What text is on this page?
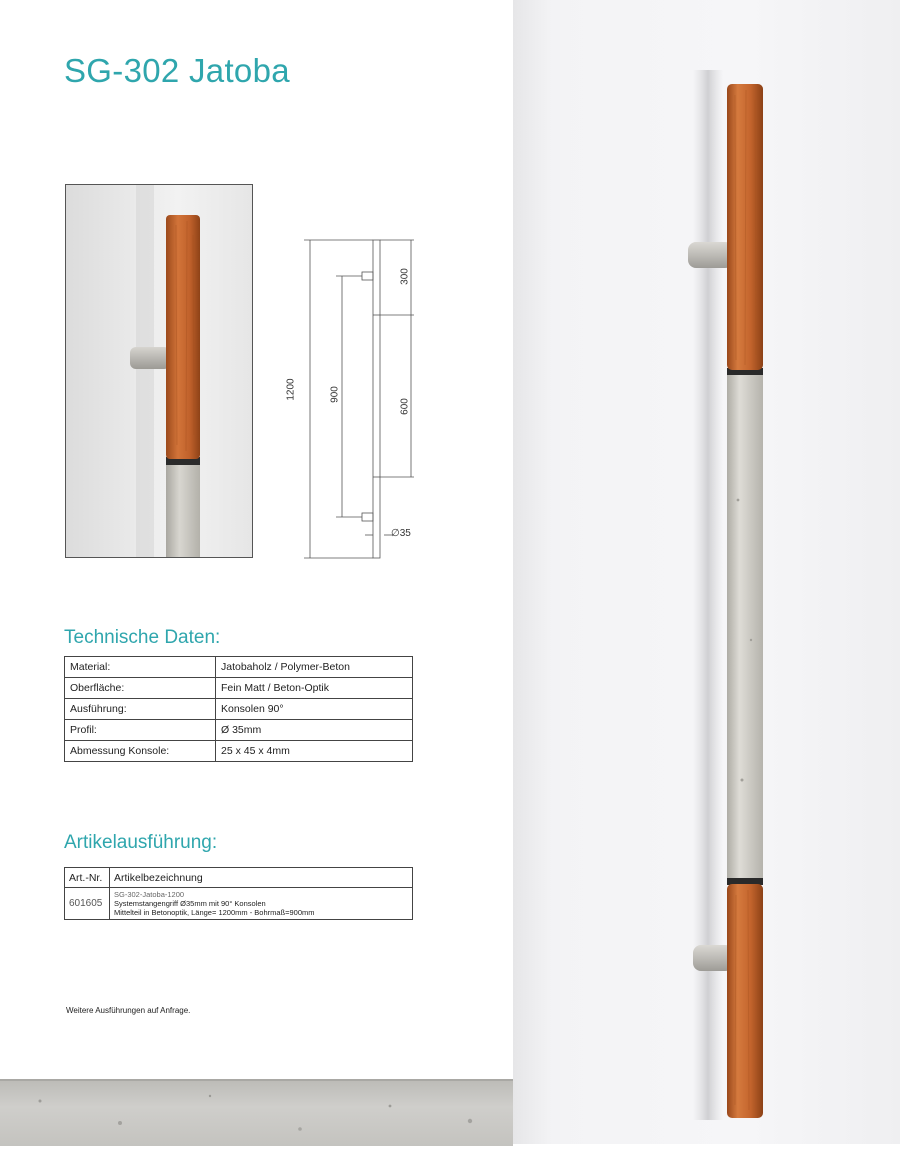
SG-302 Jatoba
1200	900
300
600
∅35
Technische Daten:
Material:	Jatobaholz / Polymer-Beton
Oberfläche:	Fein Matt / Beton-Optik
Ausführung:	Konsolen 90°
Profil:	Ø 35mm
Abmessung Konsole:	25 x 45 x 4mm
Artikelausführung:
Art.-Nr.	Artikelbezeichnung
601605	SG-302-Jatoba-1200
Systemstangengriff Ø35mm mit 90° Konsolen
Mittelteil in Betonoptik, Länge= 1200mm - Bohrmaß=900mm
Weitere Ausführungen auf Anfrage.
